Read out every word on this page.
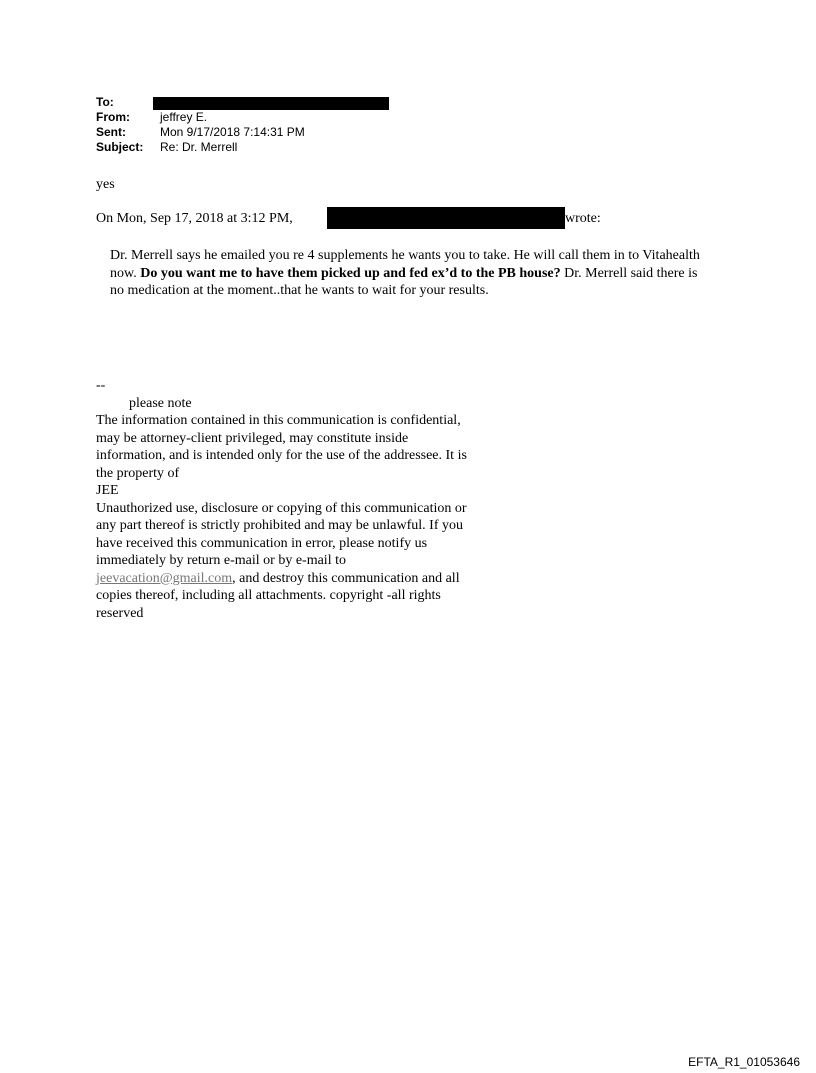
To:
From:	jeffrey E.
Sent:	Mon 9/17/2018 7:14:31 PM
Subject:	Re: Dr. Merrell
yes
On Mon, Sep 17, 2018 at 3:12 PM,	wrote:
Dr. Merrell says he emailed you re 4 supplements he wants you to take. He will call them in to Vitahealth now. Do you want me to have them picked up and fed ex’d to the PB house? Dr. Merrell said there is no medication at the moment..that he wants to wait for your results.
--
please note
The information contained in this communication is confidential, may be attorney-client privileged, may constitute inside information, and is intended only for the use of the addressee. It is the property of
JEE
Unauthorized use, disclosure or copying of this communication or any part thereof is strictly prohibited and may be unlawful. If you have received this communication in error, please notify us immediately by return e-mail or by e-mail to jeevacation@gmail.com, and destroy this communication and all copies thereof, including all attachments. copyright -all rights reserved
EFTA_R1_01053646
